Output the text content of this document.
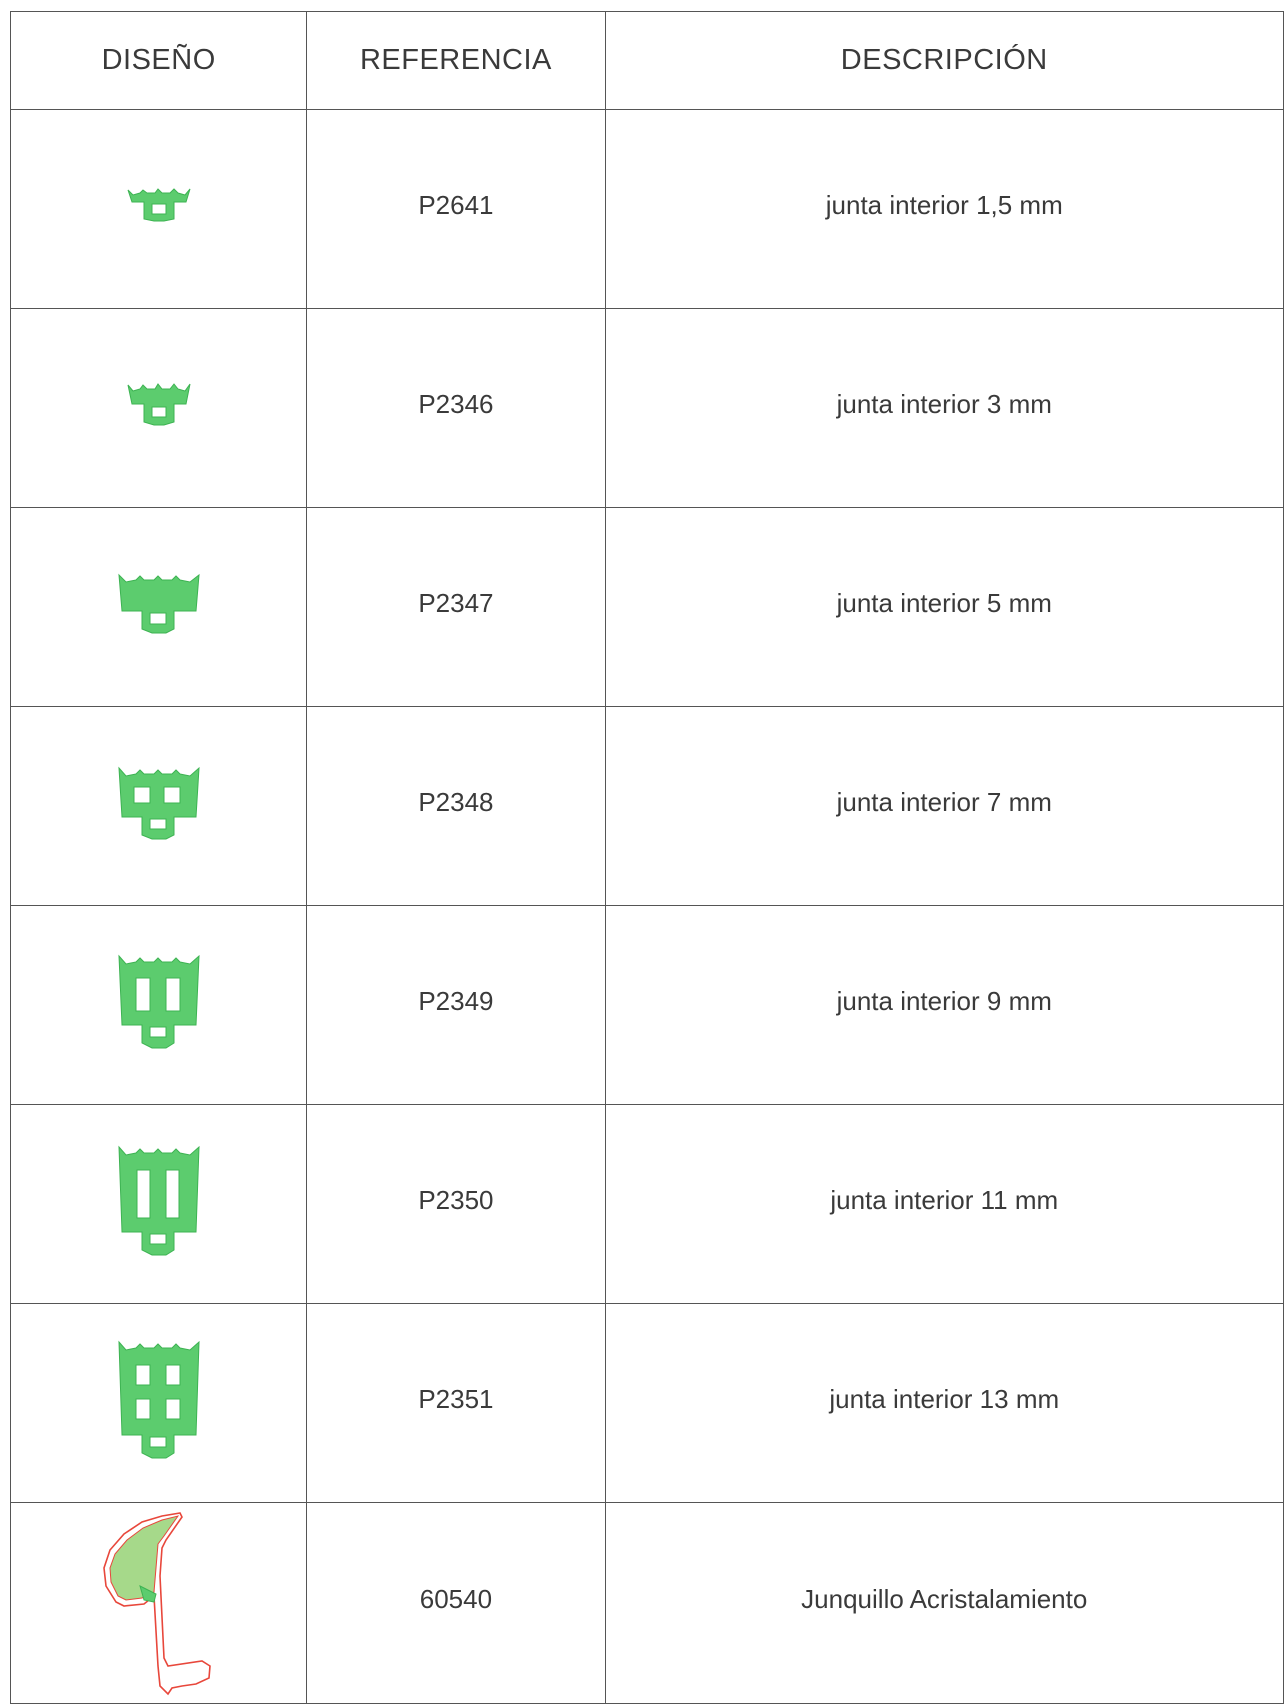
DISEÑO	REFERENCIA	DESCRIPCIÓN

	P2641	junta interior 1,5 mm

	P2346	junta interior 3 mm

	P2347	junta interior 5 mm

	P2348	junta interior 7 mm

	P2349	junta interior 9 mm

	P2350	junta interior 11 mm

	P2351	junta interior 13 mm

	60540	Junquillo Acristalamiento
